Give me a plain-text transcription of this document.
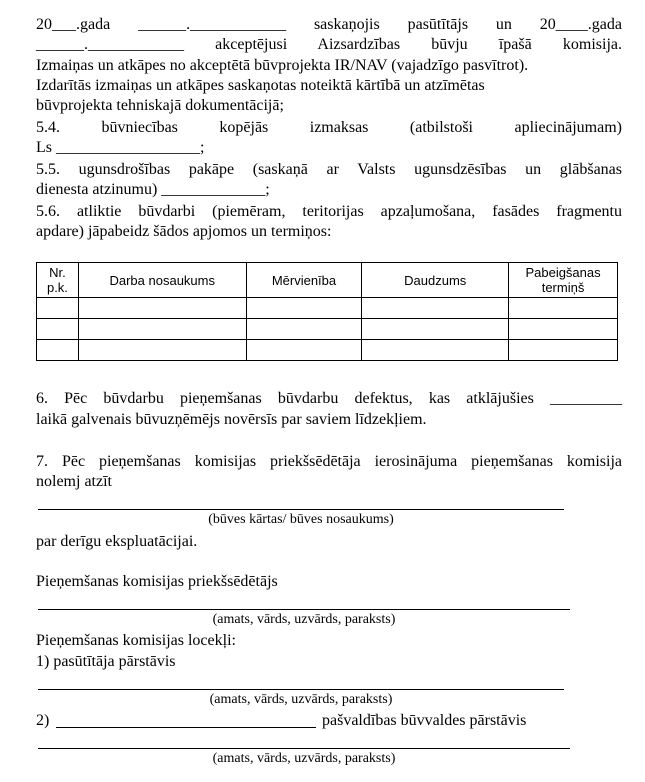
20___.gada ______.____________ saskaņojis pasūtītājs un 20____.gada
______.____________ akceptējusi Aizsardzības būvju īpašā komisija.
Izmaiņas un atkāpes no akceptētā būvprojekta IR/NAV (vajadzīgo pasvītrot).
Izdarītās izmaiņas un atkāpes saskaņotas noteiktā kārtībā un atzīmētas
būvprojekta tehniskajā dokumentācijā;
5.4. būvniecības kopējās izmaksas (atbilstoši apliecinājumam)
Ls __________________;
5.5. ugunsdrošības pakāpe (saskaņā ar Valsts ugunsdzēsības un glābšanas
dienesta atzinumu) _____________;
5.6. atliktie būvdarbi (piemēram, teritorijas apzaļumošana, fasādes fragmentu
apdare) jāpabeidz šādos apjomos un termiņos:
Nr.
p.k.	Darba nosaukums	Mērvienība	Daudzums	Pabeigšanas
termiņš

6. Pēc būvdarbu pieņemšanas būvdarbu defektus, kas atklājušies _________
laikā galvenais būvuzņēmējs novērsīs par saviem līdzekļiem.
7. Pēc pieņemšanas komisijas priekšsēdētāja ierosinājuma pieņemšanas komisija
nolemj atzīt
(būves kārtas/ būves nosaukums)
par derīgu ekspluatācijai.
Pieņemšanas komisijas priekšsēdētājs
(amats, vārds, uzvārds, paraksts)
Pieņemšanas komisijas locekļi:
1) pasūtītāja pārstāvis
(amats, vārds, uzvārds, paraksts)
2)	pašvaldības būvvaldes pārstāvis
(amats, vārds, uzvārds, paraksts)
